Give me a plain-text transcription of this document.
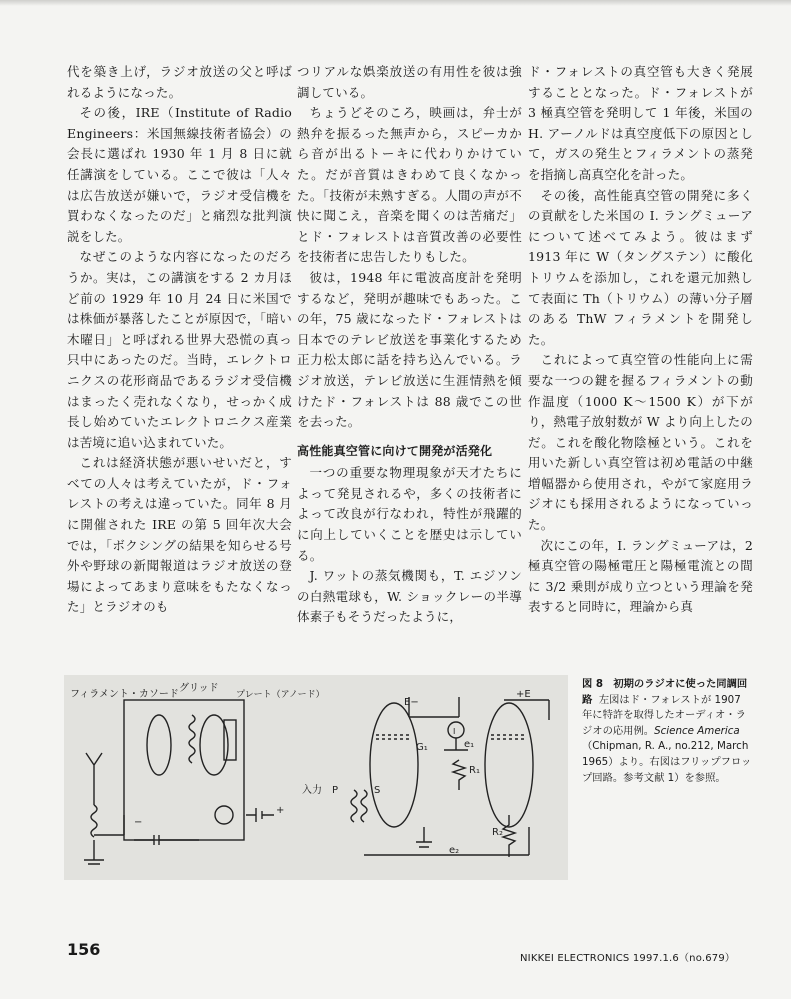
代を築き上げ，ラジオ放送の父と呼ばれるようになった。

その後，IRE（Institute of Radio Engineers：米国無線技術者協会）の会長に選ばれ 1930 年 1 月 8 日に就任講演をしている。ここで彼は「人々は広告放送が嫌いで，ラジオ受信機を買わなくなったのだ」と痛烈な批判演説をした。

なぜこのような内容になったのだろうか。実は，この講演をする 2 カ月ほど前の 1929 年 10 月 24 日に米国では株価が暴落したことが原因で，「暗い木曜日」と呼ばれる世界大恐慌の真っ只中にあったのだ。当時，エレクトロニクスの花形商品であるラジオ受信機はまったく売れなくなり，せっかく成長し始めていたエレクトロニクス産業は苦境に追い込まれていた。

これは経済状態が悪いせいだと，すべての人々は考えていたが，ド・フォレストの考えは違っていた。同年 8 月に開催された IRE の第 5 回年次大会では，「ボクシングの結果を知らせる号外や野球の新聞報道はラジオ放送の登場によってあまり意味をもたなくなった」とラジオのも

つリアルな娯楽放送の有用性を彼は強調している。

ちょうどそのころ，映画は，弁士が熱弁を振るった無声から，スピーカから音が出るトーキに代わりかけていた。だが音質はきわめて良くなかった。「技術が未熟すぎる。人間の声が不快に聞こえ，音楽を聞くのは苦痛だ」とド・フォレストは音質改善の必要性を技術者に忠告したりもした。

彼は，1948 年に電波高度計を発明するなど，発明が趣味でもあった。この年，75 歳になったド・フォレストは日本でのテレビ放送を事業化するため正力松太郎に話を持ち込んでいる。ラジオ放送，テレビ放送に生涯情熱を傾けたド・フォレストは 88 歳でこの世を去った。

高性能真空管に向けて開発が活発化

一つの重要な物理現象が天才たちによって発見されるや，多くの技術者によって改良が行なわれ，特性が飛躍的に向上していくことを歴史は示している。

J. ワットの蒸気機関も，T. エジソンの白熱電球も，W. ショックレーの半導体素子もそうだったように，

ド・フォレストの真空管も大きく発展することとなった。ド・フォレストが 3 極真空管を発明して 1 年後，米国の H. アーノルドは真空度低下の原因として，ガスの発生とフィラメントの蒸発を指摘し高真空化を計った。

その後，高性能真空管の開発に多くの貢献をした米国の I. ラングミューアについて述べてみよう。彼はまず 1913 年に W（タングステン）に酸化トリウムを添加し，これを還元加熱して表面に Th（トリウム）の薄い分子層のある ThW フィラメントを開発した。

これによって真空管の性能向上に需要な一つの鍵を握るフィラメントの動作温度（1000 K～1500 K）が下がり，熱電子放射数が W より向上したのだ。これを酸化物陰極という。これを用いた新しい真空管は初め電話の中継増幅器から使用され，やがて家庭用ラジオにも採用されるようになっていった。

次にこの年，I. ラングミューアは，2 極真空管の陽極電圧と陽極電流との間に 3/2 乗則が成り立つという理論を発表すると同時に，理論から真

フィラメント・カソード
グリッド
プレート（アノード）
入力 P	S
E−
+E
G₁	e₁
e₂
R₁
R₂
I
+
−
図 8　初期のラジオに使った同調回路 左図はド・フォレストが 1907 年に特許を取得したオーディオ・ラジオの応用例。Science America（Chipman, R. A., no.212, March 1965）より。右図はフリップフロップ回路。参考文献 1）を参照。
156	NIKKEI ELECTRONICS 1997.1.6（no.679）
